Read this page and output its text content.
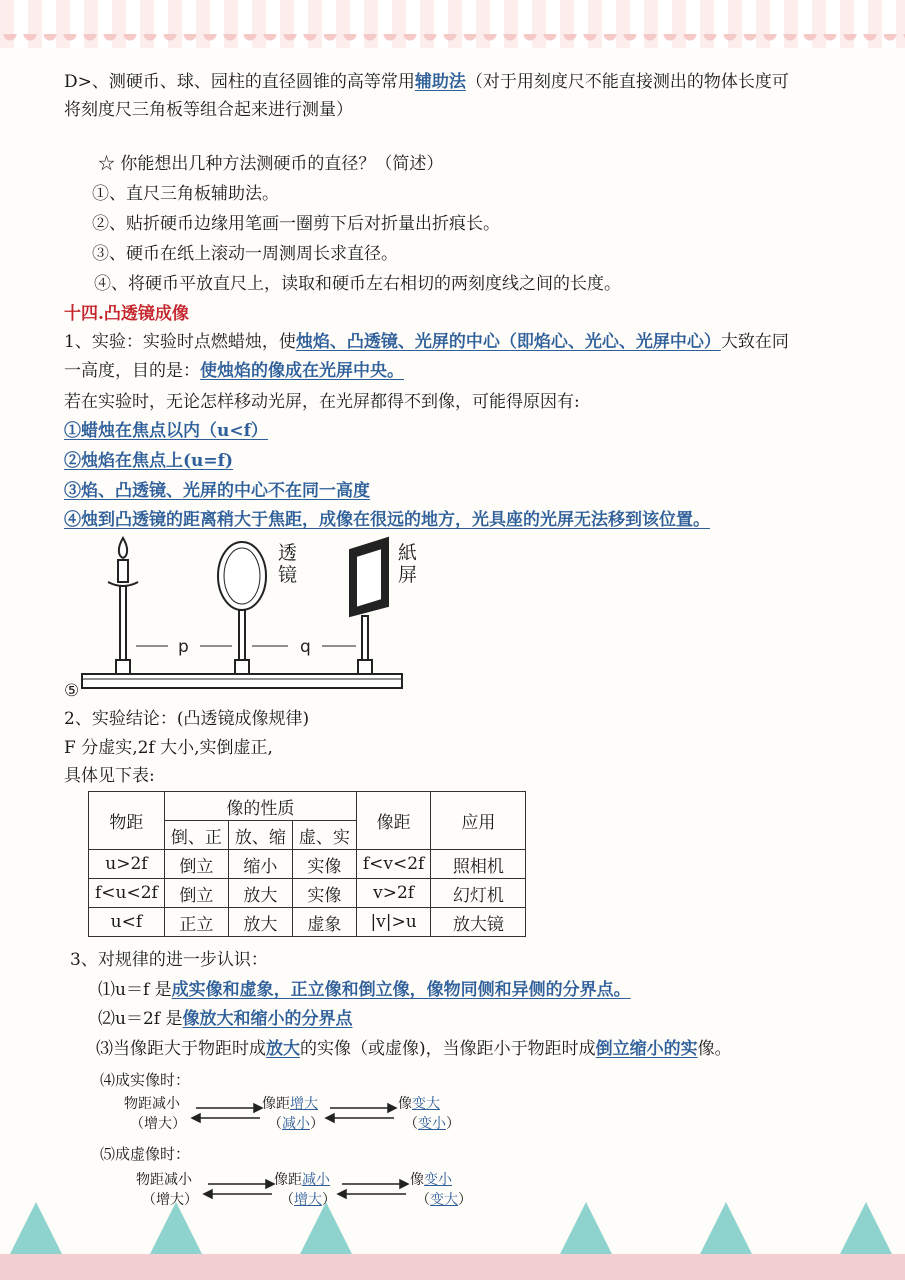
D>、测硬币、球、园柱的直径圆锥的高等常用辅助法（对于用刻度尺不能直接测出的物体长度可
将刻度尺三角板等组合起来进行测量）
☆ 你能想出几种方法测硬币的直径？（简述）
①、直尺三角板辅助法。
②、贴折硬币边缘用笔画一圈剪下后对折量出折痕长。
③、硬币在纸上滚动一周测周长求直径。
④、将硬币平放直尺上，读取和硬币左右相切的两刻度线之间的长度。
十四.凸透镜成像
1、实验：实验时点燃蜡烛，使烛焰、凸透镜、光屏的中心（即焰心、光心、光屏中心）大致在同
一高度，目的是：使烛焰的像成在光屏中央。
若在实验时，无论怎样移动光屏，在光屏都得不到像，可能得原因有:
①蜡烛在焦点以内（u<f）
②烛焰在焦点上(u=f)
③焰、凸透镜、光屏的中心不在同一高度
④烛到凸透镜的距离稍大于焦距，成像在很远的地方，光具座的光屏无法移到该位置。
p	q
⑤
透镜
紙屏
2、实验结论：(凸透镜成像规律)
F 分虚实,2f 大小,实倒虚正,
具体见下表:
物距	像的性质			像距	应用
	倒、正	放、缩	虚、实		
u>2f	倒立	缩小	实像	f<v<2f	照相机
f<u<2f	倒立	放大	实像	v>2f	幻灯机
u<f	正立	放大	虚象	|v|>u	放大镜
3、对规律的进一步认识：
⑴u＝f 是成实像和虚象，正立像和倒立像，像物同侧和异侧的分界点。
⑵u＝2f 是像放大和缩小的分界点
⑶当像距大于物距时成放大的实像（或虚像)，当像距小于物距时成倒立缩小的实像。
⑷成实像时：
物距减小
（增大）
像距增大
（减小）
像变大
（变小）
⑸成虚像时：
物距减小
（增大）
像距减小
（增大）
像变小
（变大）
